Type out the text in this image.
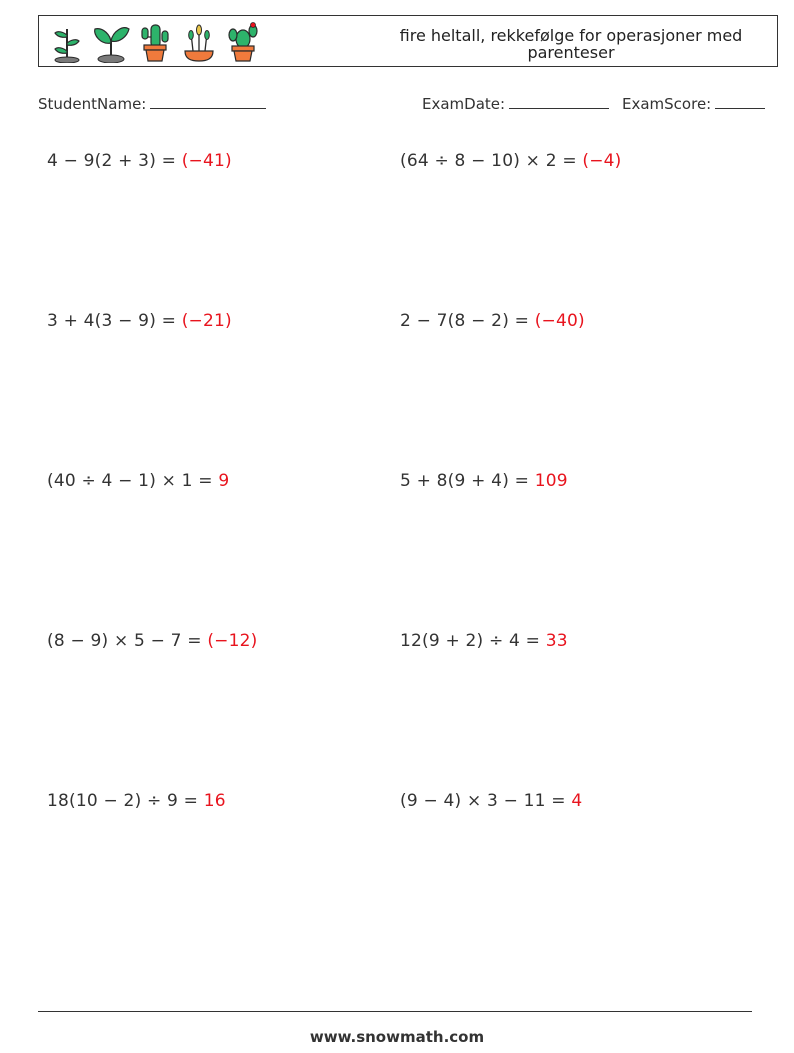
fire heltall, rekkefølge for operasjoner med parenteser
StudentName:	ExamDate:	ExamScore:
4 − 9(2 + 3) = (−41)	(64 ÷ 8 − 10) × 2 = (−4)
3 + 4(3 − 9) = (−21)	2 − 7(8 − 2) = (−40)
(40 ÷ 4 − 1) × 1 = 9	5 + 8(9 + 4) = 109
(8 − 9) × 5 − 7 = (−12)	12(9 + 2) ÷ 4 = 33
18(10 − 2) ÷ 9 = 16	(9 − 4) × 3 − 11 = 4
www.snowmath.com
